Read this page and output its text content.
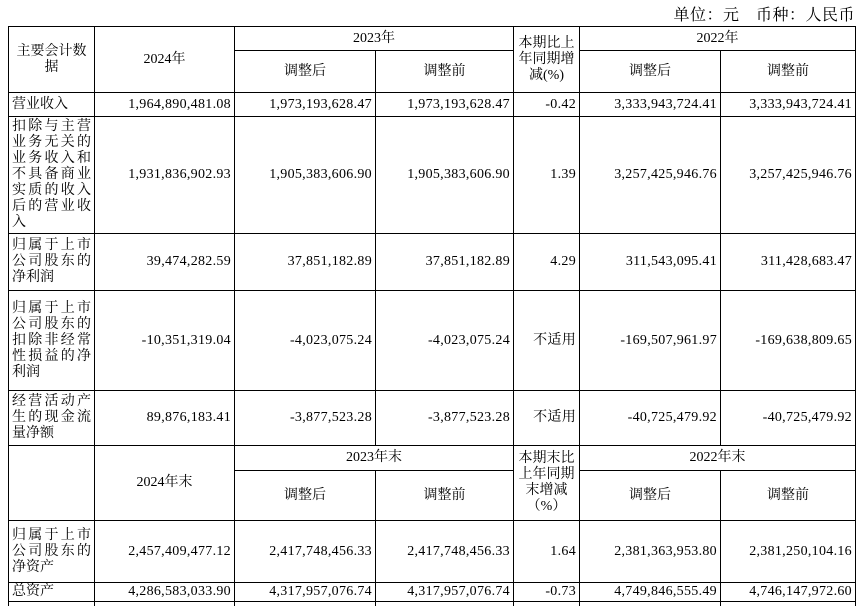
单位：元　币种：人民币
主要会计数据	2024年	2023年		本期比上年同期增减(%)	2022年	
		调整后	调整前		调整后	调整前
营业收入	1,964,890,481.08	1,973,193,628.47	1,973,193,628.47	-0.42	3,333,943,724.41	3,333,943,724.41
扣除与主营业务无关的业务收入和不具备商业实质的收入后的营业收入	1,931,836,902.93	1,905,383,606.90	1,905,383,606.90	1.39	3,257,425,946.76	3,257,425,946.76
归属于上市公司股东的净利润	39,474,282.59	37,851,182.89	37,851,182.89	4.29	311,543,095.41	311,428,683.47
归属于上市公司股东的扣除非经常性损益的净利润	-10,351,319.04	-4,023,075.24	-4,023,075.24	不适用	-169,507,961.97	-169,638,809.65
经营活动产生的现金流量净额	89,876,183.41	-3,877,523.28	-3,877,523.28	不适用	-40,725,479.92	-40,725,479.92
	2024年末	2023年末		本期末比上年同期末增减（%）	2022年末	
		调整后	调整前		调整后	调整前
归属于上市公司股东的净资产	2,457,409,477.12	2,417,748,456.33	2,417,748,456.33	1.64	2,381,363,953.80	2,381,250,104.16
总资产	4,286,583,033.90	4,317,957,076.74	4,317,957,076.74	-0.73	4,749,846,555.49	4,746,147,972.60
